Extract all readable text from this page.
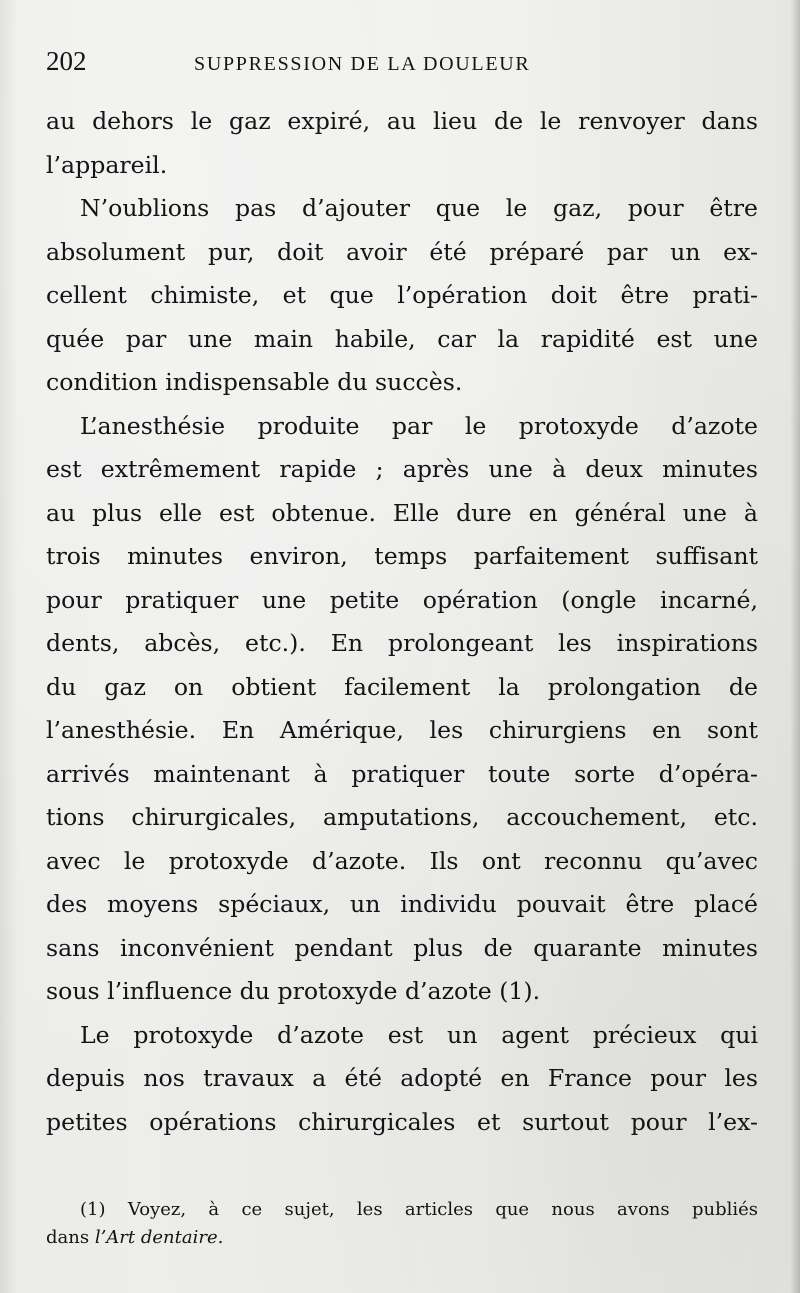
202	SUPPRESSION DE LA DOULEUR
au dehors le gaz expiré, au lieu de le renvoyer dans
l’appareil.
N’oublions pas d’ajouter que le gaz, pour être
absolument pur, doit avoir été préparé par un ex-
cellent chimiste, et que l’opération doit être prati-
quée par une main habile, car la rapidité est une
condition indispensable du succès.
L’anesthésie produite par le protoxyde d’azote
est extrêmement rapide ; après une à deux minutes
au plus elle est obtenue. Elle dure en général une à
trois minutes environ, temps parfaitement suffisant
pour pratiquer une petite opération (ongle incarné,
dents, abcès, etc.). En prolongeant les inspirations
du gaz on obtient facilement la prolongation de
l’anesthésie. En Amérique, les chirurgiens en sont
arrivés maintenant à pratiquer toute sorte d’opéra-
tions chirurgicales, amputations, accouchement, etc.
avec le protoxyde d’azote. Ils ont reconnu qu’avec
des moyens spéciaux, un individu pouvait être placé
sans inconvénient pendant plus de quarante minutes
sous l’influence du protoxyde d’azote (1).
Le protoxyde d’azote est un agent précieux qui
depuis nos travaux a été adopté en France pour les
petites opérations chirurgicales et surtout pour l’ex-
(1) Voyez, à ce sujet, les articles que nous avons publiés
dans l’Art dentaire.
